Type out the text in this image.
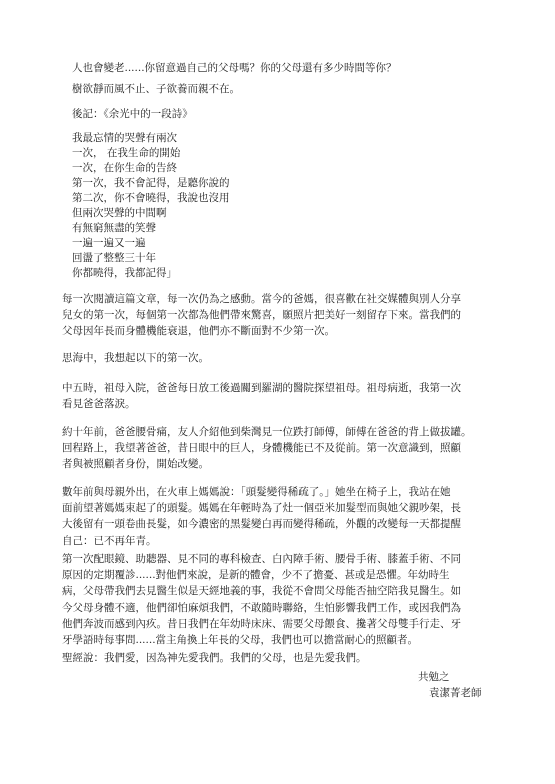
人也會變老......你留意過自己的父母嗎？你的父母還有多少時間等你？
樹欲靜而風不止、子欲養而親不在。
後記：《余光中的一段詩》
我最忘情的哭聲有兩次
一次， 在我生命的開始
一次，在你生命的告終
第一次，我不會記得，是聽你說的
第二次，你不會曉得，我說也沒用
但兩次哭聲的中間啊
有無窮無盡的笑聲
一遍一遍又一遍
回盪了整整三十年
你都曉得，我都記得」
每一次閱讀這篇文章，每一次仍為之感動。當今的爸媽，很喜歡在社交媒體與別人分享
兒女的第一次，每個第一次都為他們帶來驚喜，願照片把美好一刻留存下來。當我們的
父母因年長而身體機能衰退，他們亦不斷面對不少第一次。
思海中，我想起以下的第一次。
中五時，祖母入院，爸爸每日放工後過關到羅湖的醫院探望祖母。祖母病逝，我第一次
看見爸爸落淚。
約十年前，爸爸腰骨痛，友人介紹他到柴灣見一位跌打師傅，師傅在爸爸的背上做拔罐。
回程路上，我望著爸爸，昔日眼中的巨人，身體機能已不及從前。第一次意識到，照顧
者與被照顧者身份，開始改變。
數年前與母親外出，在火車上媽媽說：「頭髮變得稀疏了。」她坐在椅子上，我站在她
面前望著媽媽束起了的頭髮。媽媽在年輕時為了灶一個亞米加髮型而與她父親吵架，長
大後留有一頭卷曲長髮，如今濃密的黑髮變白再而變得稀疏，外觀的改變每一天都提醒
自己：已不再年青。
第一次配眼鏡、助聽器、見不同的專科檢查、白內障手術、腰骨手術、膝蓋手術、不同
原因的定期覆診......對他們來說，是新的體會，少不了擔憂、甚或是恐懼。年幼時生
病，父母帶我們去見醫生似是天經地義的事，我從不會問父母能否抽空陪我見醫生。如
今父母身體不適，他們卻怕麻煩我們，不敢隨時聯絡，生怕影響我們工作，或因我們為
他們奔波而感到內疚。昔日我們在年幼時床床、需要父母餵食、攙著父母雙手行走、牙
牙學語時每事問......當主角換上年長的父母，我們也可以擔當耐心的照顧者。
聖經說：我們愛，因為神先愛我們。我們的父母，也是先愛我們。
共勉之
袁潔菁老師
